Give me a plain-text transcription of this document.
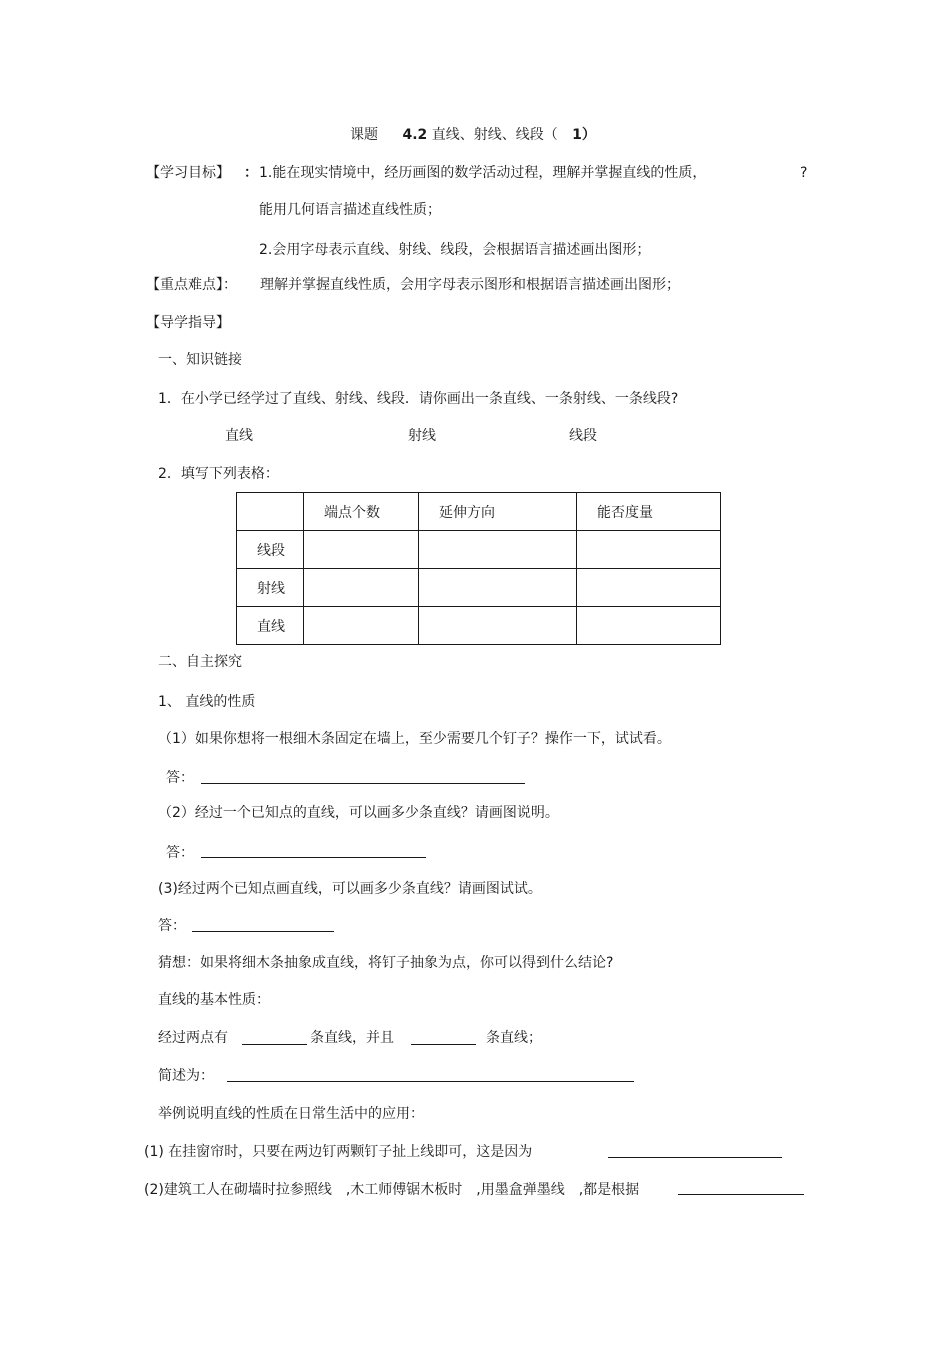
课题 4.2 直线、射线、线段（ 1）
【学习目标】 ： 1.能在现实情境中，经历画图的数学活动过程，理解并掌握直线的性质，	?
能用几何语言描述直线性质；
2.会用字母表示直线、射线、线段，会根据语言描述画出图形；
【重点难点】： 理解并掌握直线性质，会用字母表示图形和根据语言描述画出图形；
【导学指导】
一、知识链接
1．在小学已经学过了直线、射线、线段．请你画出一条直线、一条射线、一条线段?
直线	射线	线段
2．填写下列表格：
	端点个数	延伸方向	能否度量
线段			
射线			
直线			
二、自主探究
1、 直线的性质
（1）如果你想将一根细木条固定在墙上，至少需要几个钉子？操作一下，试试看。
答：
（2）经过一个已知点的直线，可以画多少条直线？请画图说明。
答：
(3)经过两个已知点画直线，可以画多少条直线？请画图试试。
答：
猜想：如果将细木条抽象成直线，将钉子抽象为点，你可以得到什么结论?
直线的基本性质：
经过两点有	条直线，并且	条直线；
简述为：
举例说明直线的性质在日常生活中的应用：
(1) 在挂窗帘时，只要在两边钉两颗钉子扯上线即可，这是因为
(2)建筑工人在砌墙时拉参照线　,木工师傅锯木板时　,用墨盒弹墨线　,都是根据
